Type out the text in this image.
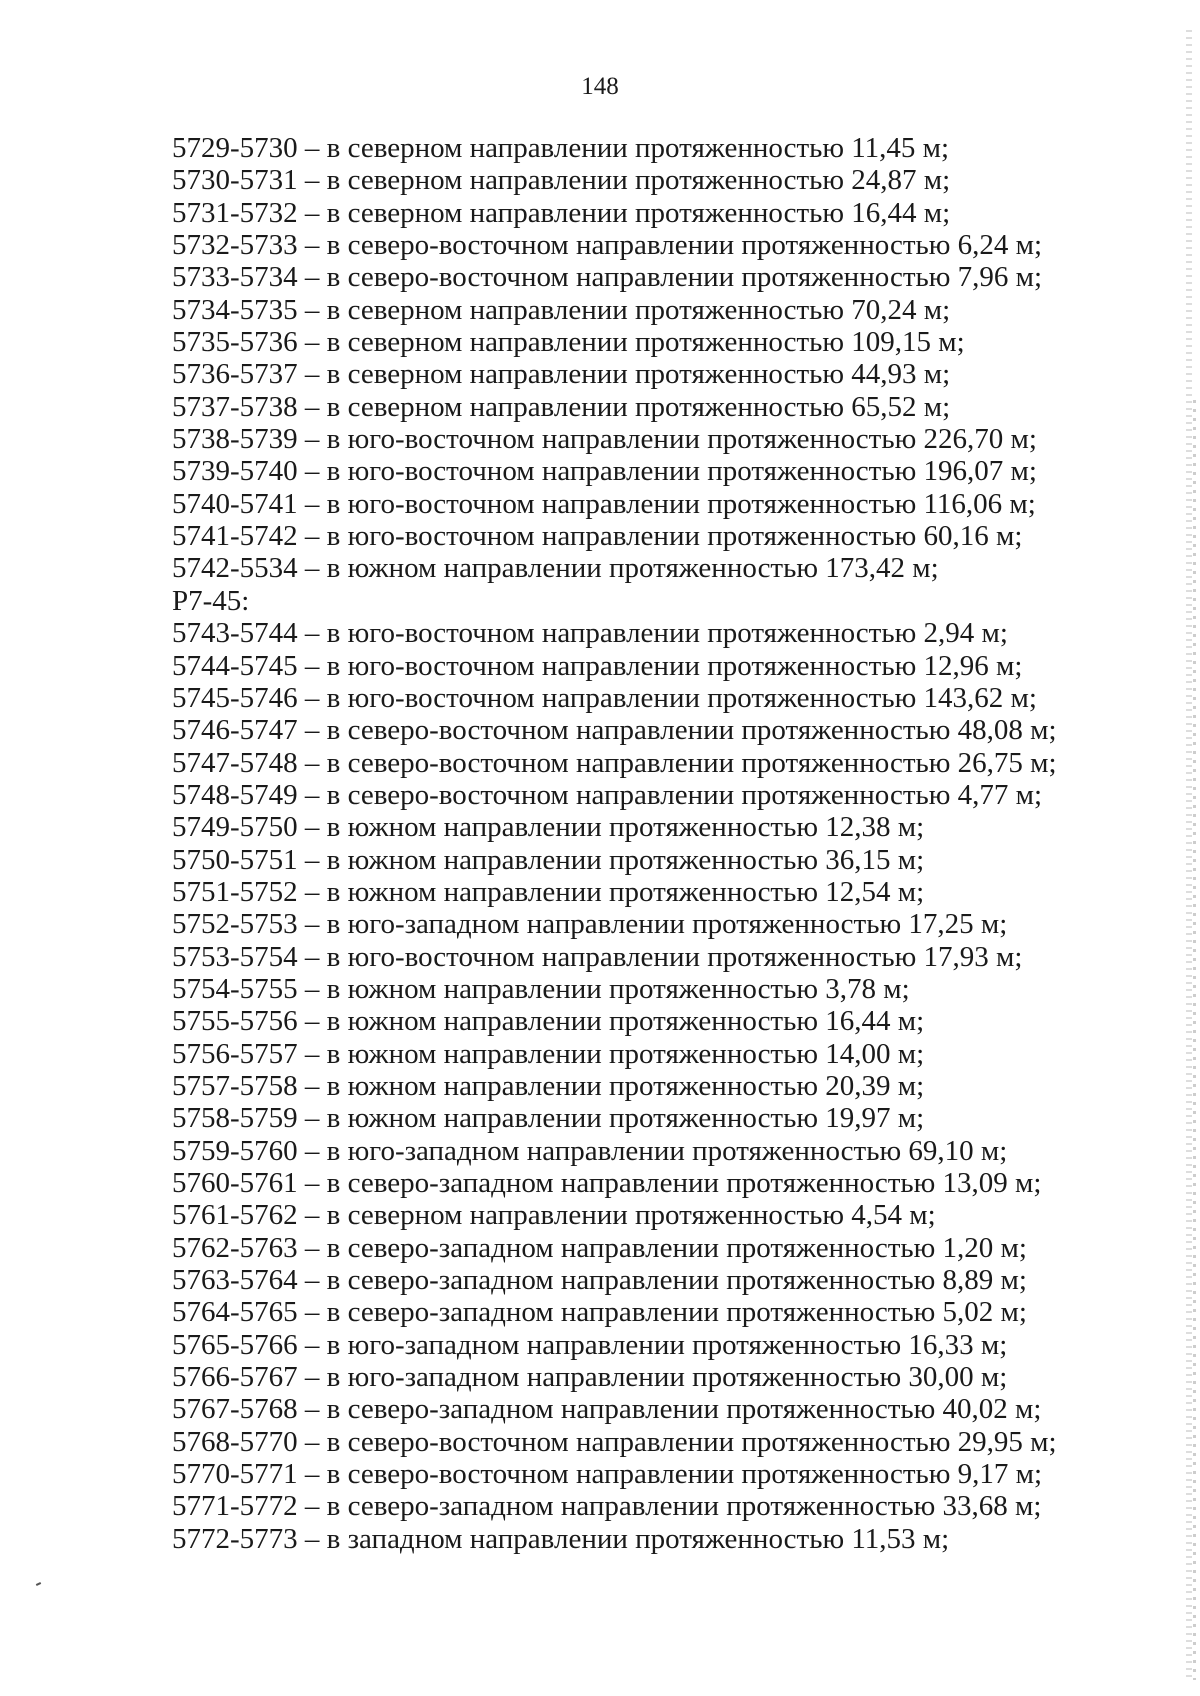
148
5729-5730 – в северном направлении протяженностью 11,45 м;
5730-5731 – в северном направлении протяженностью 24,87 м;
5731-5732 – в северном направлении протяженностью 16,44 м;
5732-5733 – в северо-восточном направлении протяженностью 6,24 м;
5733-5734 – в северо-восточном направлении протяженностью 7,96 м;
5734-5735 – в северном направлении протяженностью 70,24 м;
5735-5736 – в северном направлении протяженностью 109,15 м;
5736-5737 – в северном направлении протяженностью 44,93 м;
5737-5738 – в северном направлении протяженностью 65,52 м;
5738-5739 – в юго-восточном направлении протяженностью 226,70 м;
5739-5740 – в юго-восточном направлении протяженностью 196,07 м;
5740-5741 – в юго-восточном направлении протяженностью 116,06 м;
5741-5742 – в юго-восточном направлении протяженностью 60,16 м;
5742-5534 – в южном направлении протяженностью 173,42 м;
Р7-45:
5743-5744 – в юго-восточном направлении протяженностью 2,94 м;
5744-5745 – в юго-восточном направлении протяженностью 12,96 м;
5745-5746 – в юго-восточном направлении протяженностью 143,62 м;
5746-5747 – в северо-восточном направлении протяженностью 48,08 м;
5747-5748 – в северо-восточном направлении протяженностью 26,75 м;
5748-5749 – в северо-восточном направлении протяженностью 4,77 м;
5749-5750 – в южном направлении протяженностью 12,38 м;
5750-5751 – в южном направлении протяженностью 36,15 м;
5751-5752 – в южном направлении протяженностью 12,54 м;
5752-5753 – в юго-западном направлении протяженностью 17,25 м;
5753-5754 – в юго-восточном направлении протяженностью 17,93 м;
5754-5755 – в южном направлении протяженностью 3,78 м;
5755-5756 – в южном направлении протяженностью 16,44 м;
5756-5757 – в южном направлении протяженностью 14,00 м;
5757-5758 – в южном направлении протяженностью 20,39 м;
5758-5759 – в южном направлении протяженностью 19,97 м;
5759-5760 – в юго-западном направлении протяженностью 69,10 м;
5760-5761 – в северо-западном направлении протяженностью 13,09 м;
5761-5762 – в северном направлении протяженностью 4,54 м;
5762-5763 – в северо-западном направлении протяженностью 1,20 м;
5763-5764 – в северо-западном направлении протяженностью 8,89 м;
5764-5765 – в северо-западном направлении протяженностью 5,02 м;
5765-5766 – в юго-западном направлении протяженностью 16,33 м;
5766-5767 – в юго-западном направлении протяженностью 30,00 м;
5767-5768 – в северо-западном направлении протяженностью 40,02 м;
5768-5770 – в северо-восточном направлении протяженностью 29,95 м;
5770-5771 – в северо-восточном направлении протяженностью 9,17 м;
5771-5772 – в северо-западном направлении протяженностью 33,68 м;
5772-5773 – в западном направлении протяженностью 11,53 м;
